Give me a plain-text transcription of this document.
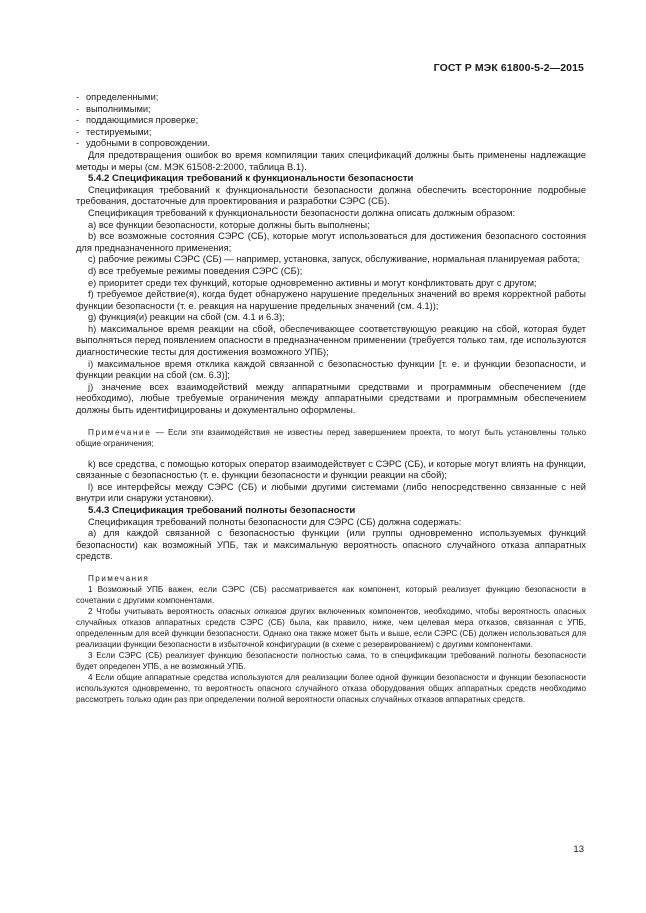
ГОСТ Р МЭК 61800-5-2—2015

- определенными;

- выполнимыми;

- поддающимися проверке;

- тестируемыми;

- удобными в сопровождении.

Для предотвращения ошибок во время компиляции таких спецификаций должны быть применены надлежащие методы и меры (см. МЭК 61508-2:2000, таблица В.1).

5.4.2 Спецификация требований к функциональности безопасности

Спецификация требований к функциональности безопасности должна обеспечить всесторонние подробные требования, достаточные для проектирования и разработки СЭРС (СБ).

Спецификация требований к функциональности безопасности должна описать должным образом:

а) все функции безопасности, которые должны быть выполнены;

b) все возможные состояния СЭРС (СБ), которые могут использоваться для достижения безопасного состояния для предназначенного применения;

с) рабочие режимы СЭРС (СБ) — например, установка, запуск, обслуживание, нормальная планируемая работа;

d) все требуемые режимы поведения СЭРС (СБ);

е) приоритет среди тех функций, которые одновременно активны и могут конфликтовать друг с другом;

f) требуемое действие(я), когда будет обнаружено нарушение предельных значений во время корректной работы функции безопасности (т. е. реакция на нарушение предельных значений (см. 4.1));

g) функция(и) реакции на сбой (см. 4.1 и 6.3);

h) максимальное время реакции на сбой, обеспечивающее соответствующую реакцию на сбой, которая будет выполняться перед появлением опасности в предназначенном применении (требуется только там, где используются диагностические тесты для достижения возможного УПБ);

i) максимальное время отклика каждой связанной с безопасностью функции [т. е. и функции безопасности, и функции реакции на сбой (см. 6.3)];

j) значение всех взаимодействий между аппаратными средствами и программным обеспечением (где необходимо), любые требуемые ограничения между аппаратными средствами и программным обеспечением должны быть идентифицированы и документально оформлены.

Примечание — Если эти взаимодействия не известны перед завершением проекта, то могут быть установлены только общие ограничения;

k) все средства, с помощью которых оператор взаимодействует с СЭРС (СБ), и которые могут влиять на функции, связанные с безопасностью (т. е. функции безопасности и функции реакции на сбой);

l) все интерфейсы между СЭРС (СБ) и любыми другими системами (либо непосредственно связанные с ней внутри или снаружи установки).

5.4.3 Спецификация требований полноты безопасности

Спецификация требований полноты безопасности для СЭРС (СБ) должна содержать:

а) для каждой связанной с безопасностью функции (или группы одновременно используемых функций безопасности) как возможный УПБ, так и максимальную вероятность опасного случайного отказа аппаратных средств.

Примечания

1 Возможный УПБ важен, если СЭРС (СБ) рассматривается как компонент, который реализует функцию безопасности в сочетании с другими компонентами.

2 Чтобы учитывать вероятность опасных отказов других включенных компонентов, необходимо, чтобы вероятность опасных случайных отказов аппаратных средств СЭРС (СБ) была, как правило, ниже, чем целевая мера отказов, связанная с УПБ, определенным для всей функции безопасности. Однако она также может быть и выше, если СЭРС (СБ) должен использоваться для реализации функции безопасности в избыточной конфигурации (в схеме с резервированием) с другими компонентами.

3 Если СЭРС (СБ) реализует функцию безопасности полностью сама, то в спецификации требований полноты безопасности будет определен УПБ, а не возможный УПБ.

4 Если общие аппаратные средства используются для реализации более одной функции безопасности и функции безопасности используются одновременно, то вероятность опасного случайного отказа оборудования общих аппаратных средств необходимо рассмотреть только один раз при определении полной вероятности опасных случайных отказов аппаратных средств.

13
